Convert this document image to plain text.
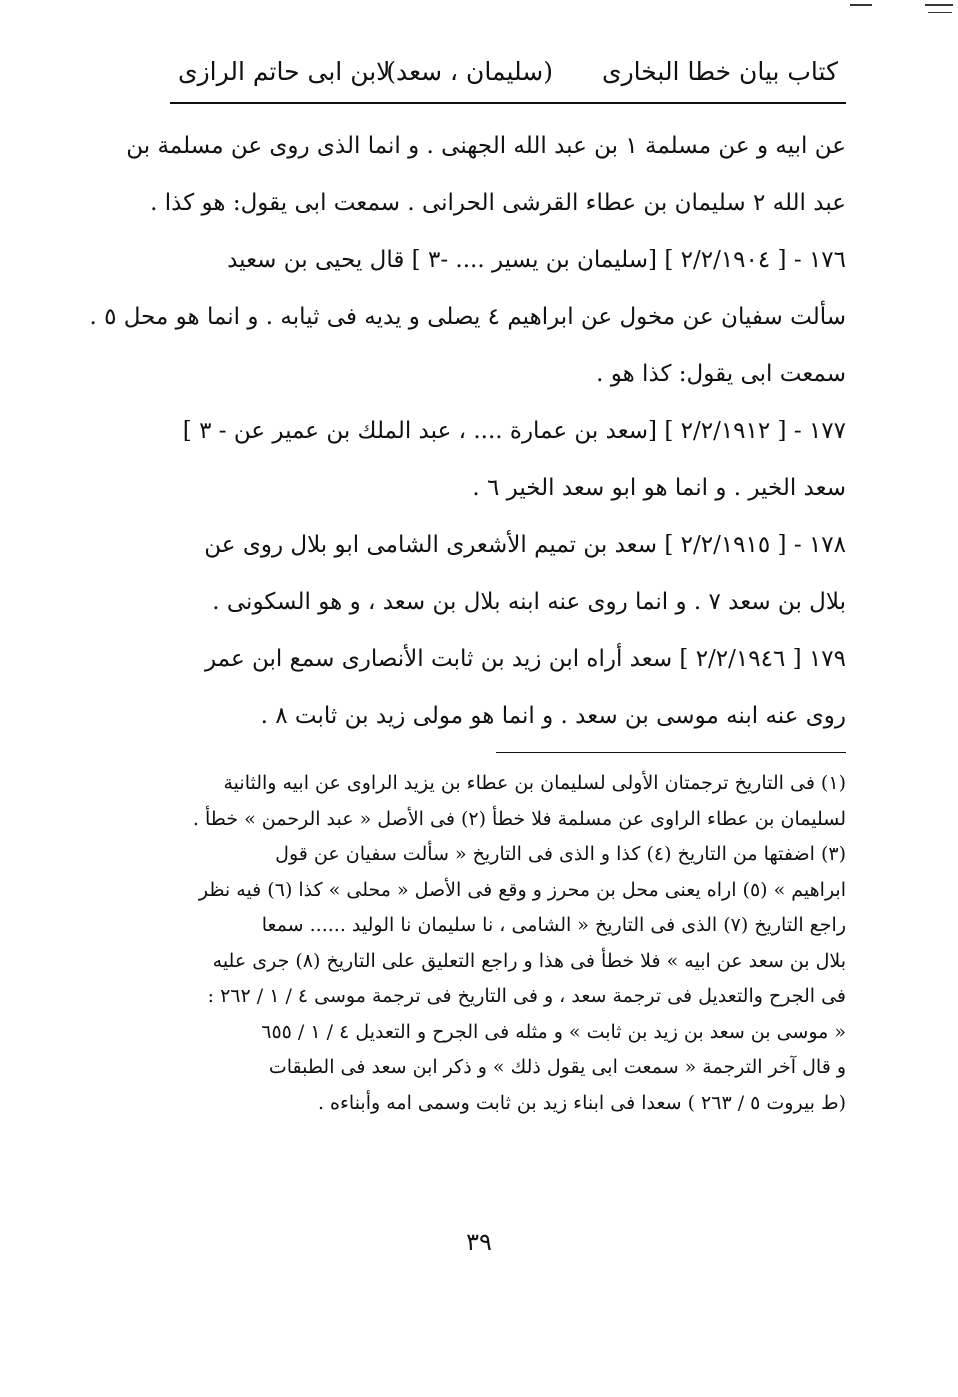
كتاب بيان خطا البخارى
(سليمان ، سعد)
لابن ابى حاتم الرازى
عن ابيه و عن مسلمة ١ بن عبد الله الجهنى . و انما الذى روى عن مسلمة بن
عبد الله ٢ سليمان بن عطاء القرشى الحرانى . سمعت ابى يقول: هو كذا .
١٧٦ - [ ٢/٢/١٩٠٤ ] [سليمان بن يسير .... -٣ ] قال يحيى بن سعيد
سألت سفيان عن مخول عن ابراهيم ٤ يصلى و يديه فى ثيابه . و انما هو محل ٥ .
سمعت ابى يقول: كذا هو .
١٧٧ - [ ٢/٢/١٩١٢ ] [سعد بن عمارة .... ، عبد الملك بن عمير عن - ٣ ]
سعد الخير . و انما هو ابو سعد الخير ٦ .
١٧٨ - [ ٢/٢/١٩١٥ ] سعد بن تميم الأشعرى الشامى ابو بلال روى عن
بلال بن سعد ٧ . و انما روى عنه ابنه بلال بن سعد ، و هو السكونى .
١٧٩ [ ٢/٢/١٩٤٦ ] سعد أراه ابن زيد بن ثابت الأنصارى سمع ابن عمر
روى عنه ابنه موسى بن سعد . و انما هو مولى زيد بن ثابت ٨ .
(١) فى التاريخ ترجمتان الأولى لسليمان بن عطاء بن يزيد الراوى عن ابيه والثانية
لسليمان بن عطاء الراوى عن مسلمة فلا خطأ (٢) فى الأصل « عبد الرحمن » خطأ .
(٣) اضفتها من التاريخ (٤) كذا و الذى فى التاريخ « سألت سفيان عن قول
ابراهيم » (٥) اراه يعنى محل بن محرز و وقع فى الأصل « محلى » كذا (٦) فيه نظر
راجع التاريخ (٧) الذى فى التاريخ « الشامى ، نا سليمان نا الوليد ...... سمعا
بلال بن سعد عن ابيه » فلا خطأ فى هذا و راجع التعليق على التاريخ (٨) جرى عليه
فى الجرح والتعديل فى ترجمة سعد ، و فى التاريخ فى ترجمة موسى ٤ / ١ / ٢٦٢ :
« موسى بن سعد بن زيد بن ثابت » و مثله فى الجرح و التعديل ٤ / ١ / ٦٥٥
و قال آخر الترجمة « سمعت ابى يقول ذلك » و ذكر ابن سعد فى الطبقات
(ط بيروت ٥ / ٢٦٣ ) سعدا فى ابناء زيد بن ثابت وسمى امه وأبناءه .
٣٩
